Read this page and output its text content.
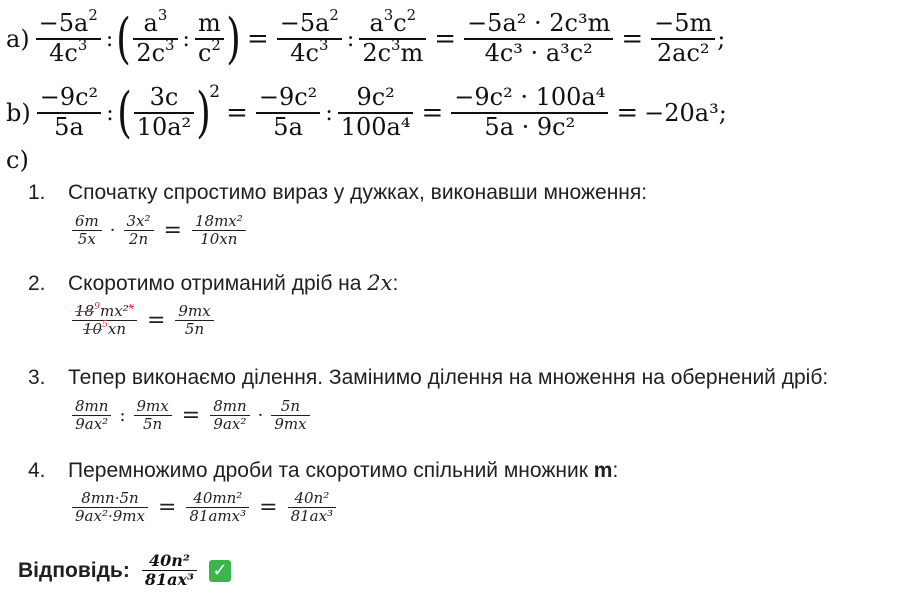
$a) \frac{-5a^2}{4c^3}$ : ( $\frac{a^3}{2c^3}$ : $\frac{m}{c^2}$ ) = $\frac{-5a^2}{4c^3}$ : $\frac{a^3c^2}{2c^3m} = \frac{\text{−5a² · 2c³m}}{\text{4c³ · a³c²}} = \frac{-5m}{\text{2ac²}}$ ;
$b) \frac{\text{−9c²}}{5a}$ : ( $\frac{3c}{\text{10a²}}$ )
2
= $\frac{\text{−9c²}}{5a}$ : $\frac{\text{9c²}}{\text{100a⁴}} = \frac{\text{−9c² · 100a⁴}}{\text{5a · 9c²}} = -20a^3$;
c)
1. Спочатку спростимо вираз у дужках, виконавши множення:
$\frac{6m}{5x} \cdot \frac{\text{3x²}}{2n} = \frac{\text{18mx²}}{10xn}$
2. Скоротимо отриманий дріб на 2x:
$\frac{18^9mx^2^x}{10^5xn} = \frac{9mx}{5n}$
3. Тепер виконаємо ділення. Замінимо ділення на множення на обернений дріб:
$\frac{8mn}{\text{9ax²}}$ : $\frac{9mx}{5n} = \frac{8mn}{\text{9ax²}} \cdot \frac{5n}{9mx}$
4. Перемножимо дроби та скоротимо спільний множник m:
$\frac{8mn\cdot 5n}{\text{9ax²·9mx}} = \frac{\text{40mn²}}{\text{81amx³}} = \frac{\text{40n²}}{\text{81ax³}}$
Відповідь: $\frac{\text{40n²}}{\text{81ax³}}$ ✓
